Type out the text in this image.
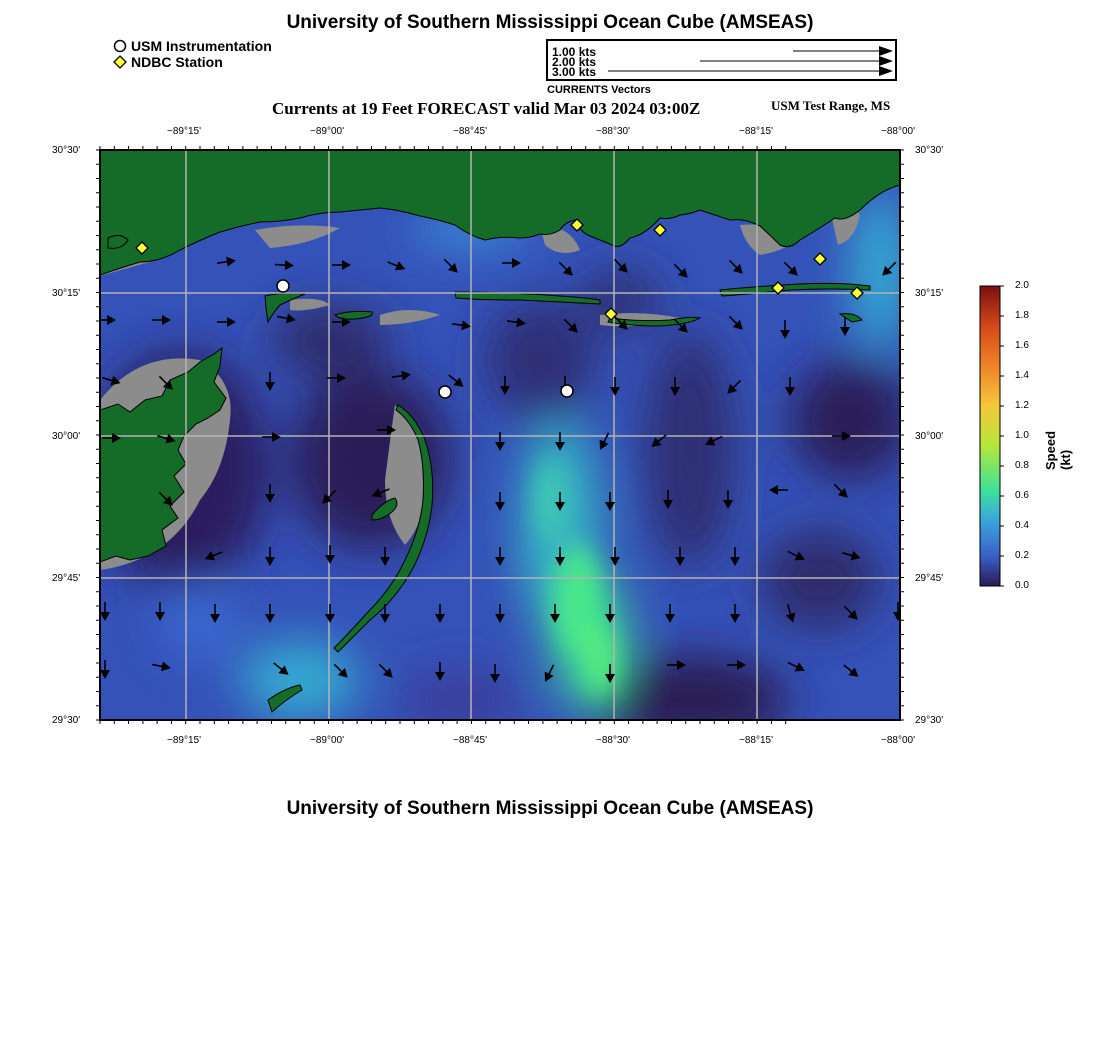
University of Southern Mississippi Ocean Cube (AMSEAS)
USM Instrumentation
NDBC Station
1.00 kts
2.00 kts
3.00 kts
CURRENTS Vectors
Currents at 19 Feet FORECAST valid Mar 03 2024 03:00Z	USM Test Range, MS
−89°15'	−89°00'	−88°45'	−88°30'	−88°15'	−88°00'
−89°15'	−89°00'	−88°45'	−88°30'	−88°15'	−88°00'
30°30'
30°15'
30°00'
29°45'
29°30'
30°30'
30°15'
30°00'
29°45'
29°30'
2.0
1.8
1.6
1.4
1.2
1.0
0.8
0.6
0.4
0.2
0.0
Speed (kt)
University of Southern Mississippi Ocean Cube (AMSEAS)
